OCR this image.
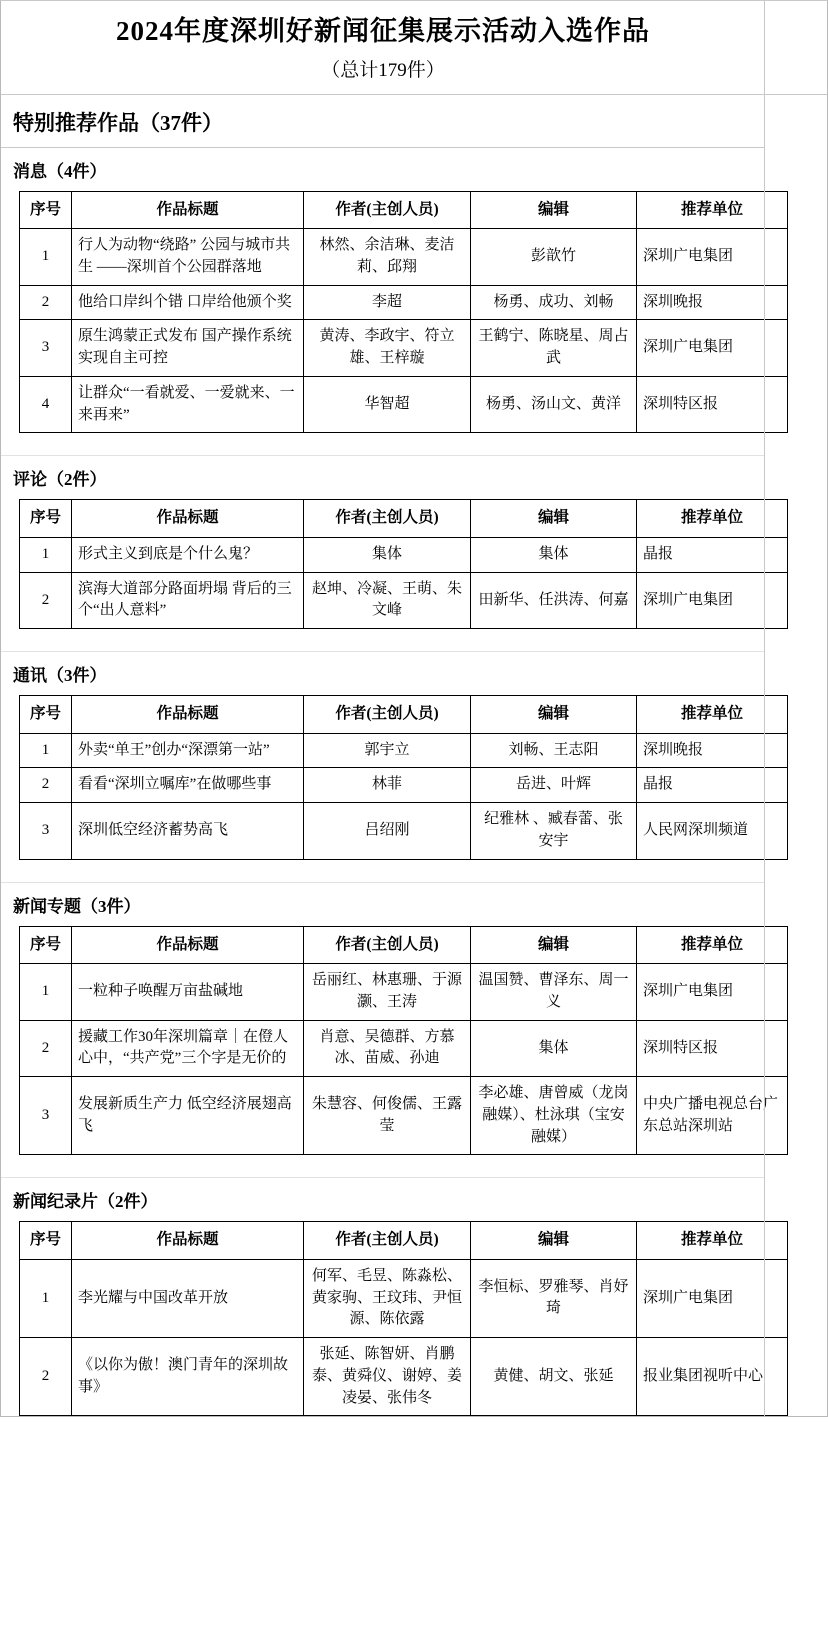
2024年度深圳好新闻征集展示活动入选作品
（总计179件）
特别推荐作品（37件）
消息（4件）
序号	作品标题	作者(主创人员)	编辑	推荐单位
1	行人为动物“绕路” 公园与城市共生 ——深圳首个公园群落地	林然、余洁琳、麦洁莉、邱翔	彭歆竹	深圳广电集团
2	他给口岸纠个错 口岸给他颁个奖	李超	杨勇、成功、刘畅	深圳晚报
3	原生鸿蒙正式发布 国产操作系统实现自主可控	黄涛、李政宇、符立雄、王梓璇	王鹤宁、陈晓星、周占武	深圳广电集团
4	让群众“一看就爱、一爱就来、一来再来”	华智超	杨勇、汤山文、黄洋	深圳特区报
评论（2件）
序号	作品标题	作者(主创人员)	编辑	推荐单位
1	形式主义到底是个什么鬼？	集体	集体	晶报
2	滨海大道部分路面坍塌 背后的三个“出人意料”	赵坤、冷凝、王萌、朱文峰	田新华、任洪涛、何嘉	深圳广电集团
通讯（3件）
序号	作品标题	作者(主创人员)	编辑	推荐单位
1	外卖“单王”创办“深漂第一站”	郭宇立	刘畅、王志阳	深圳晚报
2	看看“深圳立嘱库”在做哪些事	林菲	岳进、叶辉	晶报
3	深圳低空经济蓄势高飞	吕绍刚	纪雅林 、臧春蕾、张安宇	人民网深圳频道
新闻专题（3件）
序号	作品标题	作者(主创人员)	编辑	推荐单位
1	一粒种子唤醒万亩盐碱地	岳丽红、林惠珊、于源灏、王涛	温国赞、曹泽东、周一义	深圳广电集团
2	援藏工作30年深圳篇章｜在僜人心中，“共产党”三个字是无价的	肖意、吴德群、方慕冰、苗威、孙迪	集体	深圳特区报
3	发展新质生产力 低空经济展翅高飞	朱慧容、何俊儒、王露莹	李必雄、唐曾威（龙岗融媒）、杜泳琪（宝安融媒）	中央广播电视总台广东总站深圳站
新闻纪录片（2件）
序号	作品标题	作者(主创人员)	编辑	推荐单位
1	李光耀与中国改革开放	何军、毛昱、陈淼松、黄家驹、王玟玮、尹恒源、陈依露	李恒标、罗雅琴、肖妤琦	深圳广电集团
2	《以你为傲！澳门青年的深圳故事》	张延、陈智妍、肖鹏泰、黄舜仪、谢婷、姜凌晏、张伟冬	黄健、胡文、张延	报业集团视听中心
